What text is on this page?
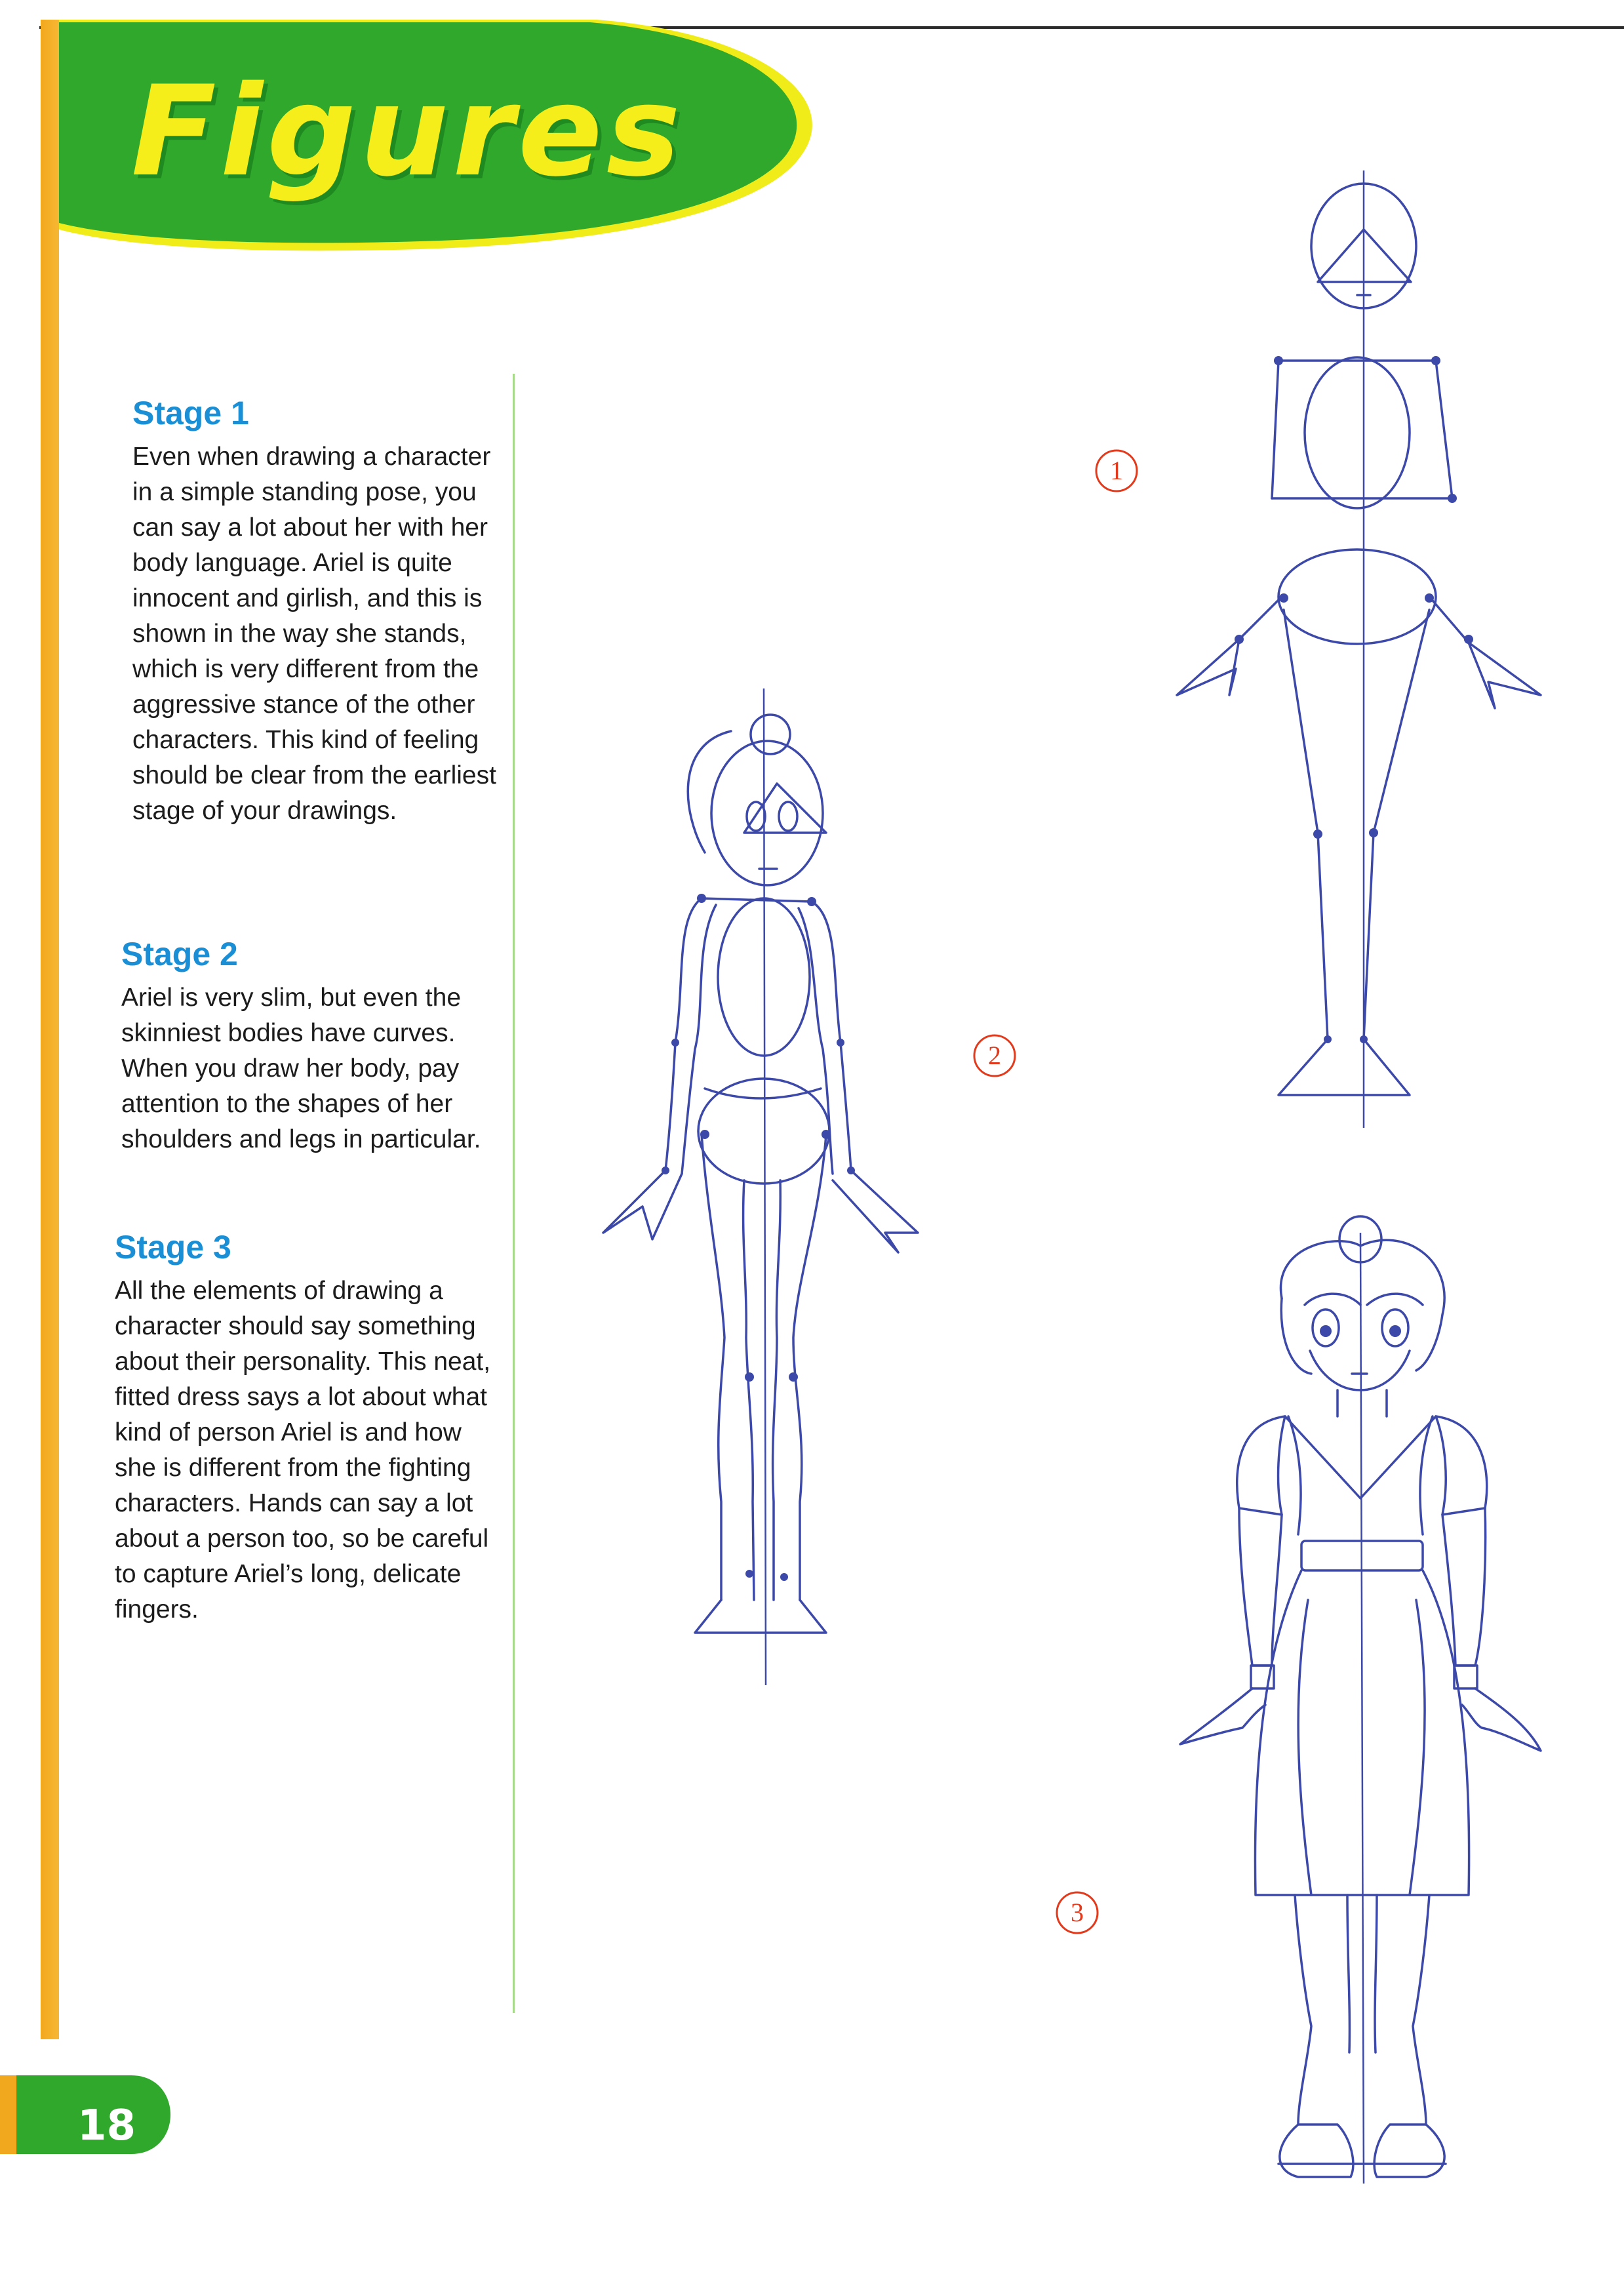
Figures
Stage 1

Even when drawing a character in a simple standing pose, you can say a lot about her with her body language. Ariel is quite innocent and girlish, and this is shown in the way she stands, which is very different from the aggressive stance of the other characters. This kind of feeling should be clear from the earliest stage of your drawings.

Stage 2

Ariel is very slim, but even the skinniest bodies have curves. When you draw her body, pay attention to the shapes of her shoulders and legs in particular.

Stage 3

All the elements of drawing a character should say something about their personality. This neat, fitted dress says a lot about what kind of person Ariel is and how she is different from the fighting characters. Hands can say a lot about a person too, so be careful to capture Ariel’s long, delicate fingers.

1
2
3
18
